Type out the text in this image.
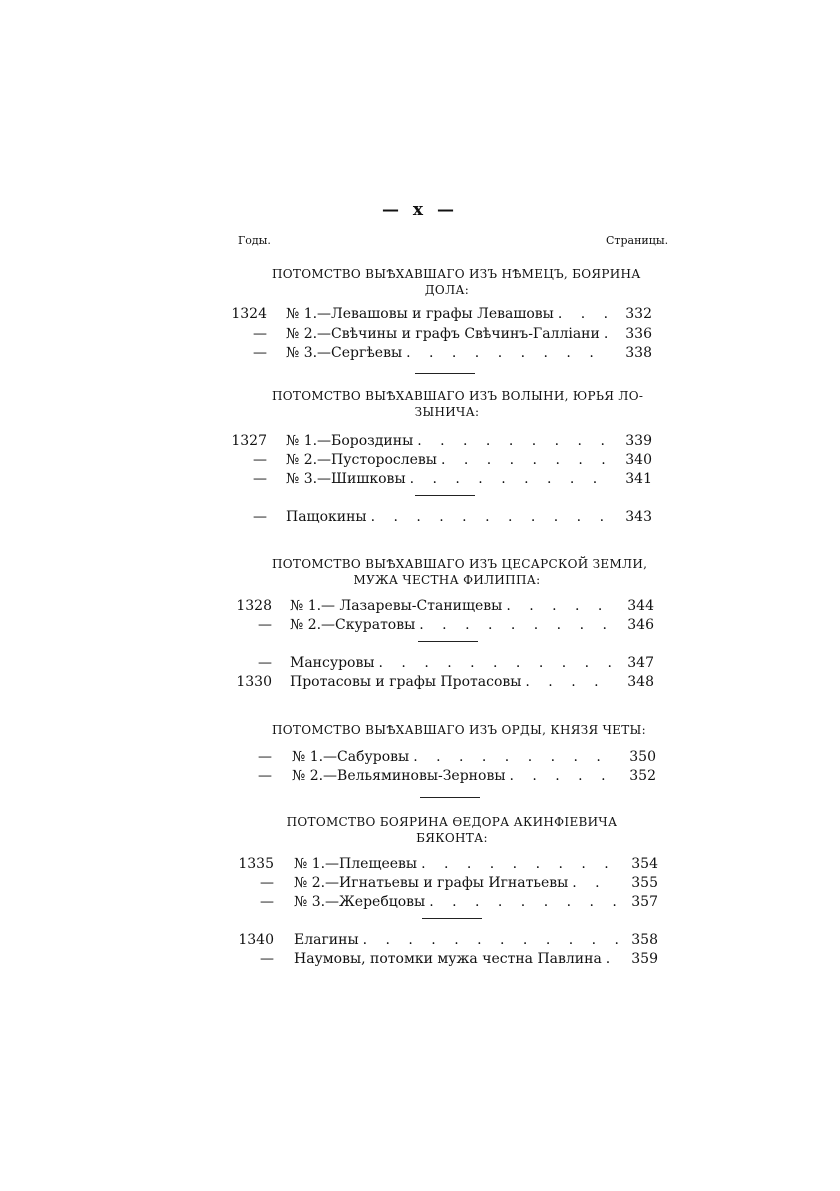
— x —
Годы.	Страницы.
ПОТОМСТВО ВЫѢХАВШАГО ИЗЪ НѢМЕЦЪ, БОЯРИНА
ДОЛА:
1324 № 1.—Левашовы и графы Левашовы . . .	332
— № 2.—Свѣчины и графъ Свѣчинъ-Галліани . . .	336
— № 3.—Сергѣевы . . .	338
ПОТОМСТВО ВЫѢХАВШАГО ИЗЪ ВОЛЫНИ, ЮРЬЯ ЛО-
ЗЫНИЧА:
1327 № 1.—Бороздины . . .	339
— № 2.—Пустороcлевы . . .	340
— № 3.—Шишковы . . .	341
— Пащокины . . .	343
ПОТОМСТВО ВЫѢХАВШАГО ИЗЪ ЦЕСАРСКОЙ ЗЕМЛИ,
МУЖА ЧЕСТНА ФИЛИППА:
1328 № 1.— Лазаревы-Станищевы . . .	344
— № 2.—Скуратовы . . .	346
— Мансуровы . . .	347
1330 Протасовы и графы Протасовы . . .	348
ПОТОМСТВО ВЫѢХАВШАГО ИЗЪ ОРДЫ, КНЯЗЯ ЧЕТЫ:
— № 1.—Сабуровы . . .	350
— № 2.—Вельяминовы-Зерновы . . .	352
ПОТОМСТВО БОЯРИНА ѲЕДОРА АКИНФІЕВИЧА
БЯКОНТА:
1335 № 1.—Плещеевы . . .	354
— № 2.—Игнатьевы и графы Игнатьевы . . .	355
— № 3.—Жеребцовы . . .	357
1340 Елагины . . .	358
— Наумовы, потомки мужа честна Павлина . . .	359
